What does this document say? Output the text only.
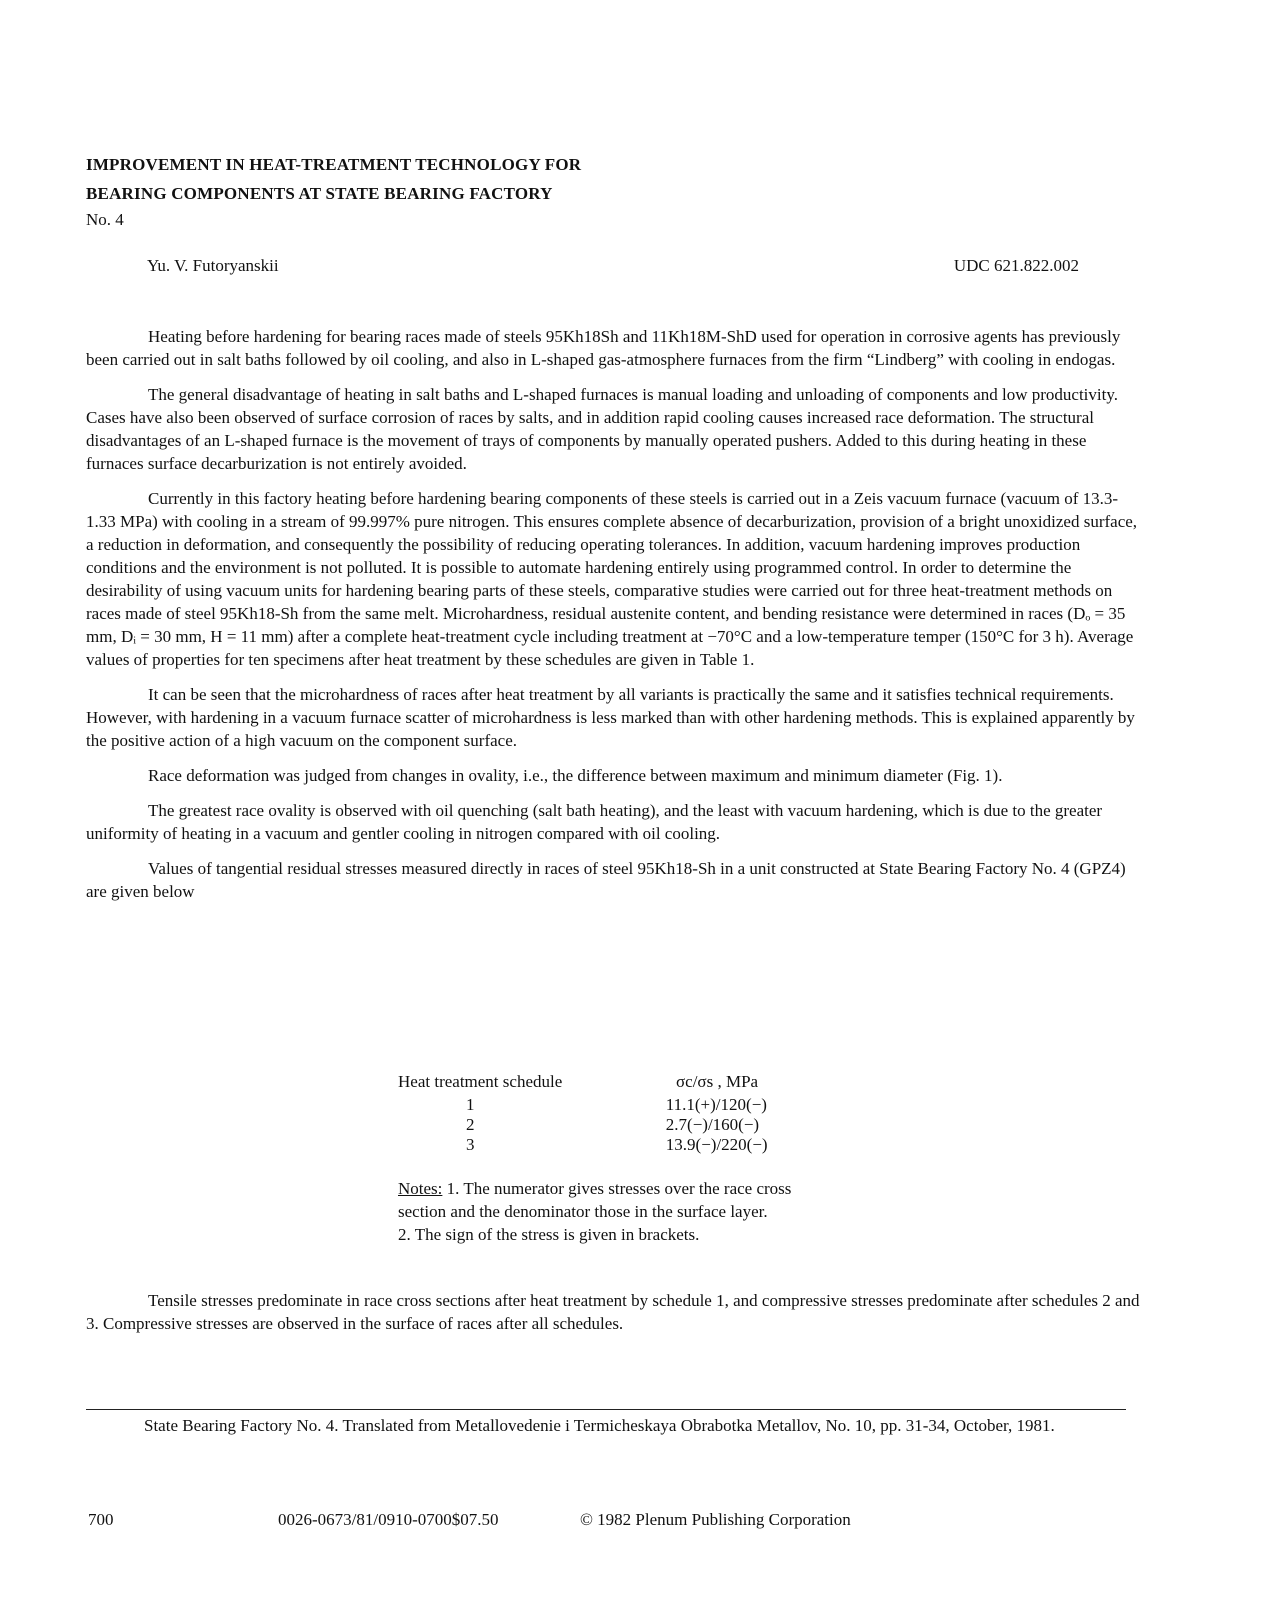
IMPROVEMENT IN HEAT-TREATMENT TECHNOLOGY FOR
BEARING COMPONENTS AT STATE BEARING FACTORY
No. 4
Yu. V. Futoryanskii	UDC 621.822.002

Heating before hardening for bearing races made of steels 95Kh18Sh and 11Kh18M-ShD used for operation in corrosive agents has previously been carried out in salt baths followed by oil cooling, and also in L-shaped gas-atmosphere furnaces from the firm “Lindberg” with cooling in endogas.

The general disadvantage of heating in salt baths and L-shaped furnaces is manual loading and unloading of components and low productivity. Cases have also been observed of surface corrosion of races by salts, and in addition rapid cooling causes increased race deformation. The structural disadvantages of an L-shaped furnace is the movement of trays of components by manually operated pushers. Added to this during heating in these furnaces surface decarburization is not entirely avoided.

Currently in this factory heating before hardening bearing components of these steels is carried out in a Zeis vacuum furnace (vacuum of 13.3-1.33 MPa) with cooling in a stream of 99.997% pure nitrogen. This ensures complete absence of decarburization, provision of a bright unoxidized surface, a reduction in deformation, and consequently the possibility of reducing operating tolerances. In addition, vacuum hardening improves production conditions and the environment is not polluted. It is possible to automate hardening entirely using programmed control. In order to determine the desirability of using vacuum units for hardening bearing parts of these steels, comparative studies were carried out for three heat-treatment methods on races made of steel 95Kh18-Sh from the same melt. Microhardness, residual austenite content, and bending resistance were determined in races (Dₒ = 35 mm, Dᵢ = 30 mm, H = 11 mm) after a complete heat-treatment cycle including treatment at −70°C and a low-temperature temper (150°C for 3 h). Average values of properties for ten specimens after heat treatment by these schedules are given in Table 1.

It can be seen that the microhardness of races after heat treatment by all variants is practically the same and it satisfies technical requirements. However, with hardening in a vacuum furnace scatter of microhardness is less marked than with other hardening methods. This is explained apparently by the positive action of a high vacuum on the component surface.

Race deformation was judged from changes in ovality, i.e., the difference between maximum and minimum diameter (Fig. 1).

The greatest race ovality is observed with oil quenching (salt bath heating), and the least with vacuum hardening, which is due to the greater uniformity of heating in a vacuum and gentler cooling in nitrogen compared with oil cooling.

Values of tangential residual stresses measured directly in races of steel 95Kh18-Sh in a unit constructed at State Bearing Factory No. 4 (GPZ4) are given below

Heat treatment schedule	σc/σs , MPa
1	11.1(+)/120(−)
2	2.7(−)/160(−)
3	13.9(−)/220(−)
Notes: 1. The numerator gives stresses over the race cross section and the denominator those in the surface layer.
2. The sign of the stress is given in brackets.

Tensile stresses predominate in race cross sections after heat treatment by schedule 1, and compressive stresses predominate after schedules 2 and 3. Compressive stresses are observed in the surface of races after all schedules.

State Bearing Factory No. 4. Translated from Metallovedenie i Termicheskaya Obrabotka Metallov, No. 10, pp. 31-34, October, 1981.

700	0026-0673/81/0910-0700$07.50	© 1982 Plenum Publishing Corporation
